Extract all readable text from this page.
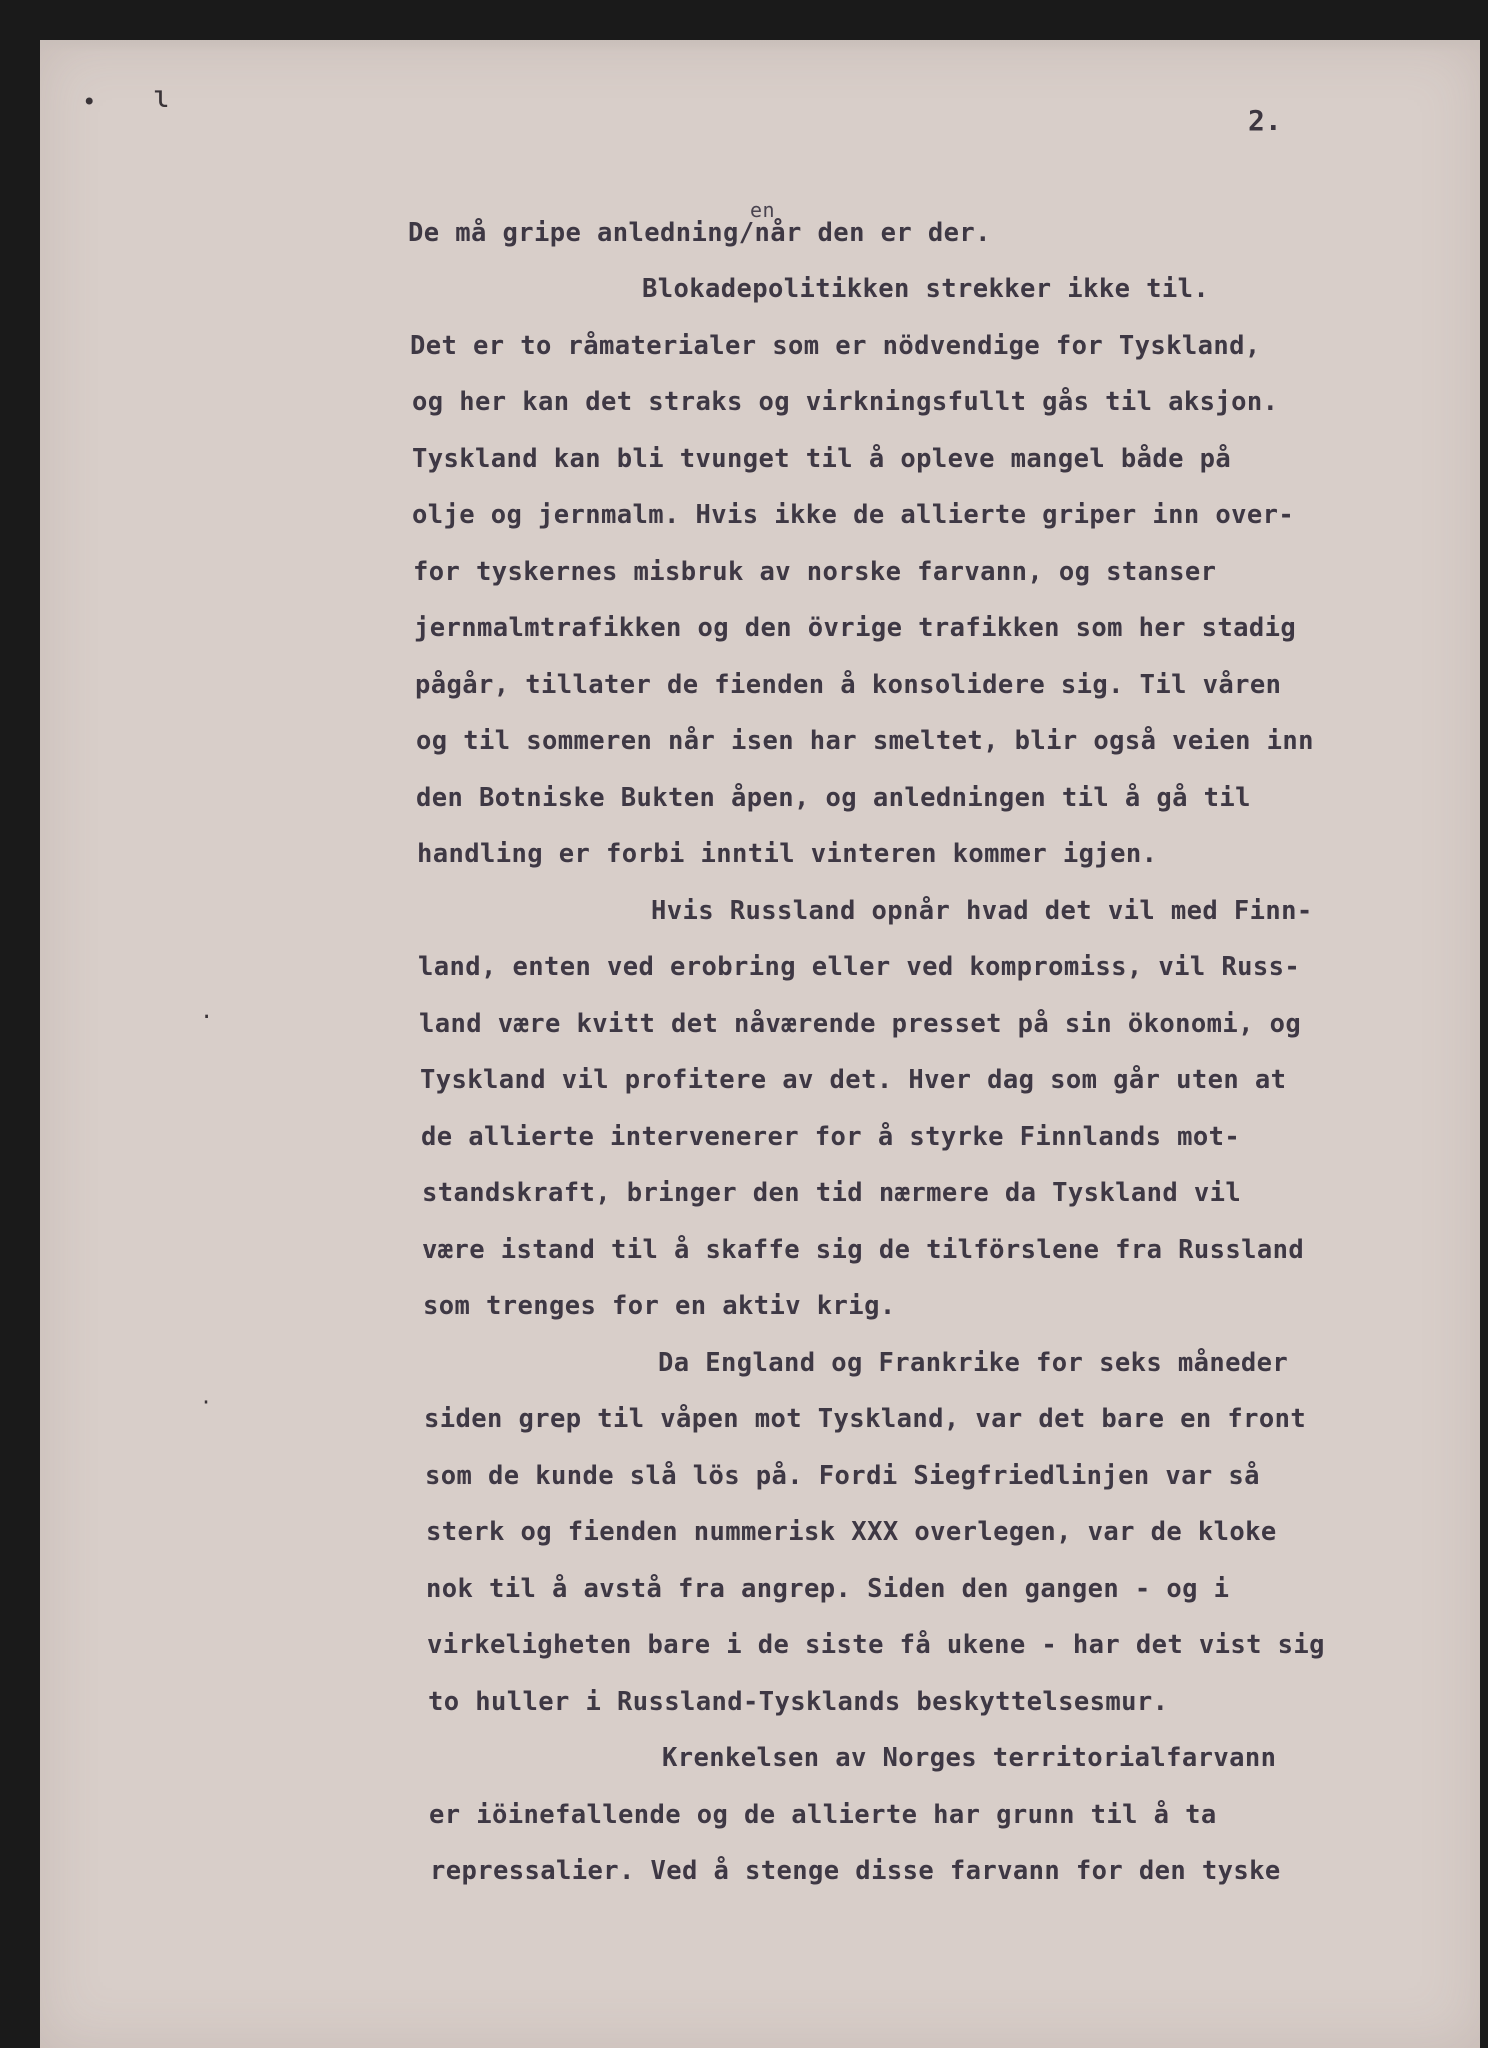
• ɩ
·
·
2.
en
De må gripe anledning/når den er der.
Blokadepolitikken strekker ikke til.
Det er to råmaterialer som er nödvendige for Tyskland,
og her kan det straks og virkningsfullt gås til aksjon.
Tyskland kan bli tvunget til å opleve mangel både på
olje og jernmalm. Hvis ikke de allierte griper inn over-
for tyskernes misbruk av norske farvann, og stanser
jernmalmtrafikken og den övrige trafikken som her stadig
pågår, tillater de fienden å konsolidere sig. Til våren
og til sommeren når isen har smeltet, blir også veien inn
den Botniske Bukten åpen, og anledningen til å gå til
handling er forbi inntil vinteren kommer igjen.
Hvis Russland opnår hvad det vil med Finn-
land, enten ved erobring eller ved kompromiss, vil Russ-
land være kvitt det nåværende presset på sin ökonomi, og
Tyskland vil profitere av det. Hver dag som går uten at
de allierte intervenerer for å styrke Finnlands mot-
standskraft, bringer den tid nærmere da Tyskland vil
være istand til å skaffe sig de tilförslene fra Russland
som trenges for en aktiv krig.
Da England og Frankrike for seks måneder
siden grep til våpen mot Tyskland, var det bare en front
som de kunde slå lös på. Fordi Siegfriedlinjen var så
sterk og fienden nummerisk XXX overlegen, var de kloke
nok til å avstå fra angrep. Siden den gangen - og i
virkeligheten bare i de siste få ukene - har det vist sig
to huller i Russland-Tysklands beskyttelsesmur.
Krenkelsen av Norges territorialfarvann
er iöinefallende og de allierte har grunn til å ta
repressalier. Ved å stenge disse farvann for den tyske
